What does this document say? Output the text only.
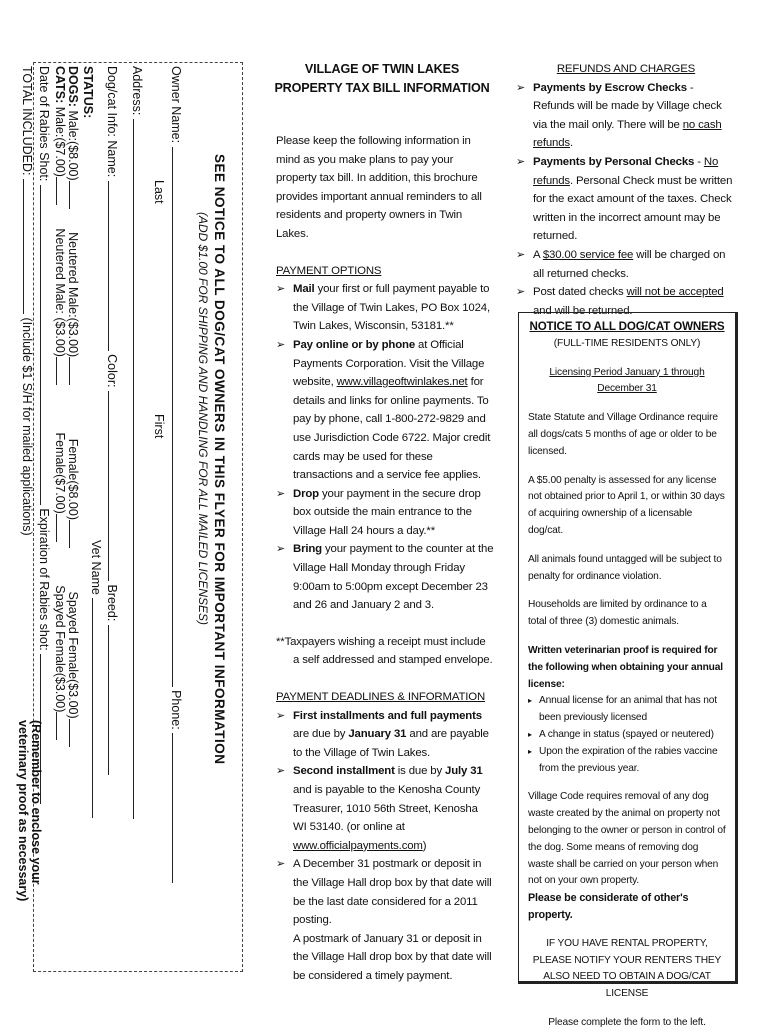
SEE NOTICE TO ALL DOG/CAT OWNERS IN THIS FLYER FOR IMPORTANT INFORMATION
(ADD $1.00 FOR SHIPPING AND HANDLING FOR ALL MAILED LICENSES)
Owner Name:  Phone:
Last
First
Address:
Dog/cat Info: Name:  Color:  Breed:
Vet Name
STATUS:
DOGS: Male:($8.00) Neutered Male:($3.00) Female($8.00) Spayed Female($3.00)
CATS: Male:($7.00) Neutered Male: ($3.00) Female($7.00) Spayed Female($3.00)
Date of Rabies Shot:  Expiration of Rabies shot:
(Remember to enclose your
TOTAL INCLUDED:  (Include $1 S/H for mailed applications)
veterinary proof as necessary)
VILLAGE OF TWIN LAKES
PROPERTY TAX BILL INFORMATION

Please keep the following information in mind as you make plans to pay your property tax bill. In addition, this brochure provides important annual reminders to all residents and property owners in Twin Lakes.

PAYMENT OPTIONS
➢ Mail your first or full payment payable to the Village of Twin Lakes, PO Box 1024, Twin Lakes, Wisconsin, 53181.**
➢ Pay online or by phone at Official Payments Corporation. Visit the Village website, www.villageoftwinlakes.net for details and links for online payments. To pay by phone, call 1-800-272-9829 and use Jurisdiction Code 6722. Major credit cards may be used for these transactions and a service fee applies.
➢ Drop your payment in the secure drop box outside the main entrance to the Village Hall 24 hours a day.**
➢ Bring your payment to the counter at the Village Hall Monday through Friday 9:00am to 5:00pm except December 23 and 26 and January 2 and 3.

**Taxpayers wishing a receipt must include a self addressed and stamped envelope.

PAYMENT DEADLINES & INFORMATION
➢ First installments and full payments are due by January 31 and are payable to the Village of Twin Lakes.
➢ Second installment is due by July 31 and is payable to the Kenosha County Treasurer, 1010 56th Street, Kenosha WI 53140. (or online at www.officialpayments.com)
➢ A December 31 postmark or deposit in the Village Hall drop box by that date will be the last date considered for a 2011 posting.

A postmark of January 31 or deposit in the Village Hall drop box by that date will be considered a timely payment.

REFUNDS AND CHARGES
➢ Payments by Escrow Checks - Refunds will be made by Village check via the mail only. There will be no cash refunds.
➢ Payments by Personal Checks - No refunds. Personal Check must be written for the exact amount of the taxes. Check written in the incorrect amount may be returned.
➢ A $30.00 service fee will be charged on all returned checks.
➢ Post dated checks will not be accepted and will be returned.
NOTICE TO ALL DOG/CAT OWNERS
(FULL-TIME RESIDENTS ONLY)
Licensing Period January 1 through December 31
State Statute and Village Ordinance require all dogs/cats 5 months of age or older to be licensed.
A $5.00 penalty is assessed for any license not obtained prior to April 1, or within 30 days of acquiring ownership of a licensable dog/cat.
All animals found untagged will be subject to penalty for ordinance violation.
Households are limited by ordinance to a total of three (3) domestic animals.
Written veterinarian proof is required for the following when obtaining your annual license:
▸ Annual license for an animal that has not been previously licensed
▸ A change in status (spayed or neutered)
▸ Upon the expiration of the rabies vaccine from the previous year.
Village Code requires removal of any dog waste created by the animal on property not belonging to the owner or person in control of the dog. Some means of removing dog waste shall be carried on your person when not on your own property.
Please be considerate of other's property.
IF YOU HAVE RENTAL PROPERTY, PLEASE NOTIFY YOUR RENTERS THEY ALSO NEED TO OBTAIN A DOG/CAT LICENSE
Please complete the form to the left.
